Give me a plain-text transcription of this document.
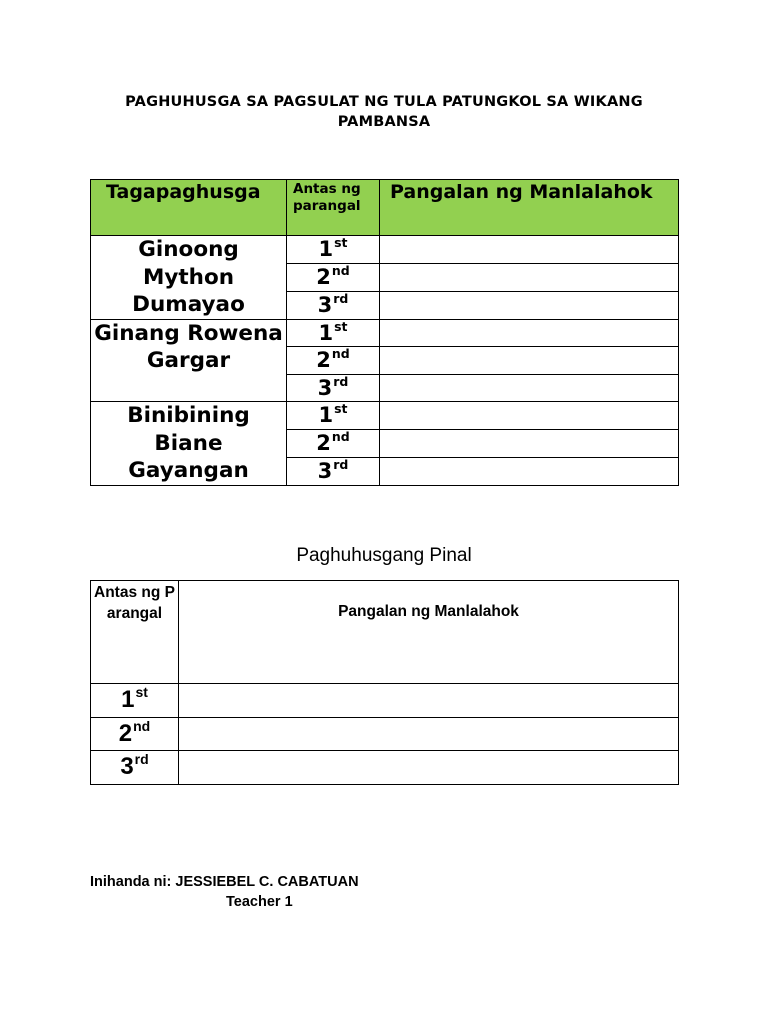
PAGHUHUSGA SA PAGSULAT NG TULA PATUNGKOL SA WIKANG PAMBANSA
Tagapaghusga	Antas ng parangal	Pangalan ng Manlalahok
Ginoong Mython Dumayao	1st	
	2nd	
	3rd	
Ginang Rowena Gargar	1st	
	2nd	
	3rd	
Binibining Biane Gayangan	1st	
	2nd	
	3rd	
Paghuhusgang Pinal
Antas ng Parangal	Pangalan ng Manlalahok
1st	
2nd	
3rd	
Inihanda ni: JESSIEBEL C. CABATUAN
Teacher 1
